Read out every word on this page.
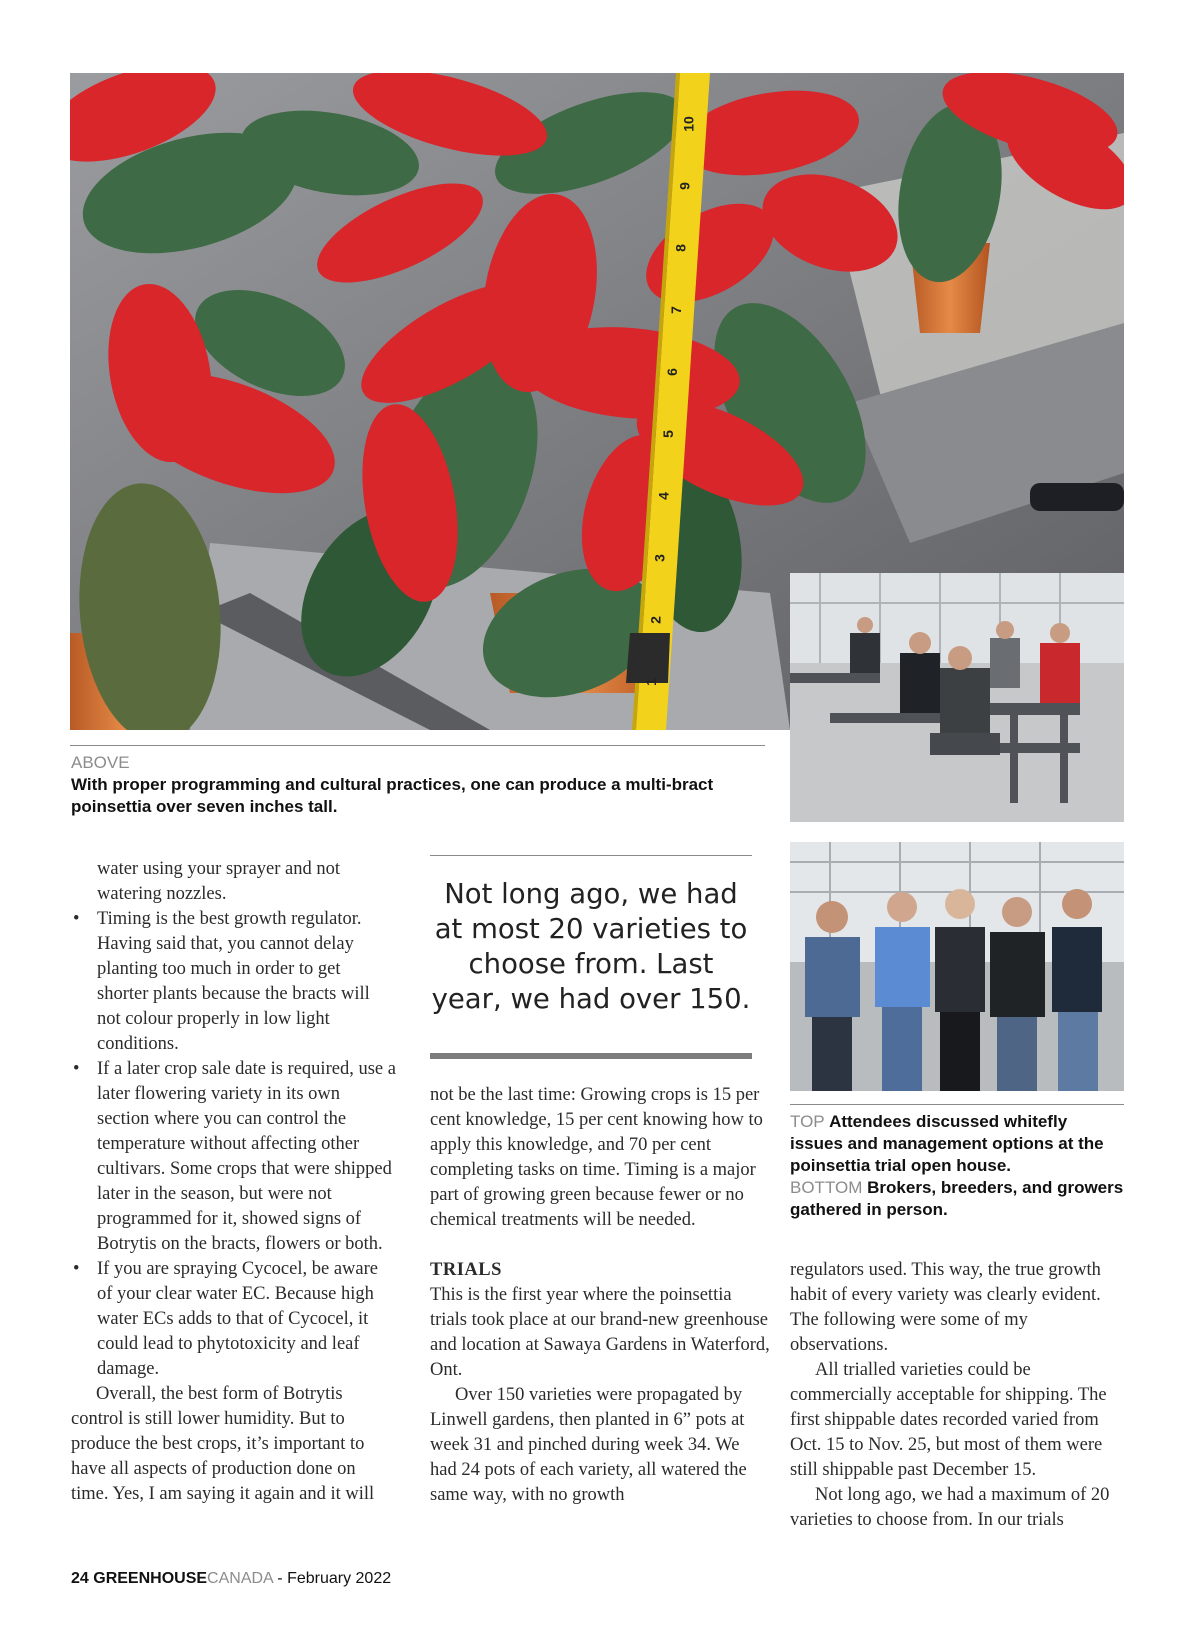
1
2
3
4
5
6
7
8
9
10
ABOVE
With proper programming and cultural practices, one can produce a multi-bract
poinsettia over seven inches tall.
TOP Attendees discussed whitefly issues and management options at the poinsettia trial open house.
BOTTOM Brokers, breeders, and growers gathered in person.

water using your sprayer and not watering nozzles.

• Timing is the best growth regulator. Having said that, you cannot delay planting too much in order to get shorter plants because the bracts will not colour properly in low light conditions.
• If a later crop sale date is required, use a later flowering variety in its own section where you can control the temperature without affecting other cultivars. Some crops that were shipped later in the season, but were not programmed for it, showed signs of Botrytis on the bracts, flowers or both.
• If you are spraying Cycocel, be aware of your clear water EC. Because high water ECs adds to that of Cycocel, it could lead to phytotoxicity and leaf damage.

Overall, the best form of Botrytis control is still lower humidity. But to produce the best crops, it’s important to have all aspects of production done on time. Yes, I am saying it again and it will

Not long ago, we had at most 20 varieties to choose from. Last year, we had over 150.

not be the last time: Growing crops is 15 per cent knowledge, 15 per cent knowing how to apply this knowledge, and 70 per cent completing tasks on time. Timing is a major part of growing green because fewer or no chemical treatments will be needed.

TRIALS

This is the first year where the poinsettia trials took place at our brand-new greenhouse and location at Sawaya Gardens in Waterford, Ont.

Over 150 varieties were propagated by Linwell gardens, then planted in 6” pots at week 31 and pinched during week 34. We had 24 pots of each variety, all watered the same way, with no growth

regulators used. This way, the true growth habit of every variety was clearly evident. The following were some of my observations.

All trialled varieties could be commercially acceptable for shipping. The first shippable dates recorded varied from Oct. 15 to Nov. 25, but most of them were still shippable past December 15.

Not long ago, we had a maximum of 20 varieties to choose from. In our trials

24 GREENHOUSECANADA - February 2022
